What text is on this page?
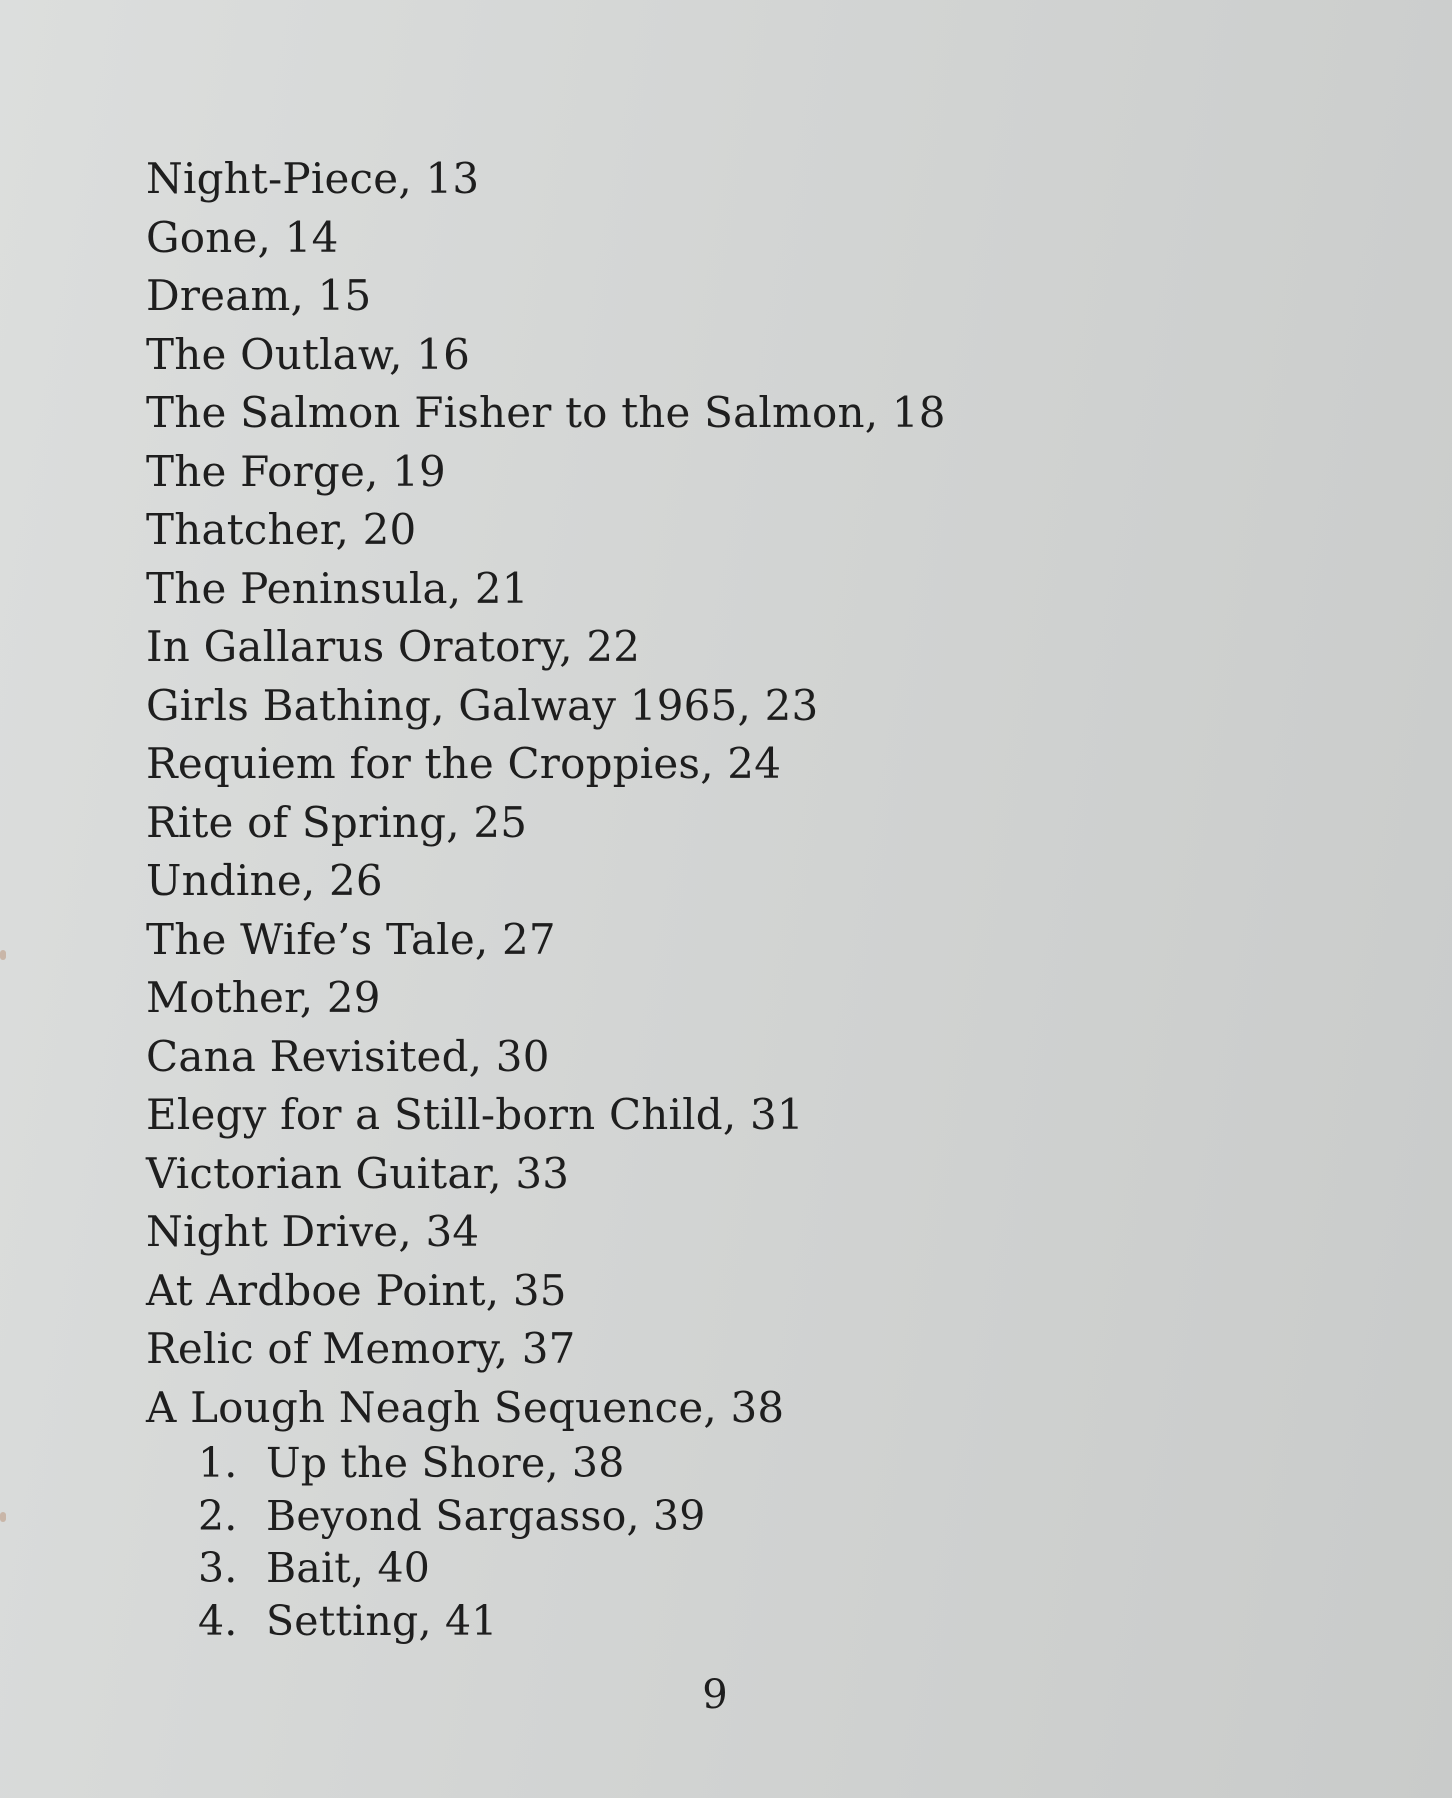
Night-Piece, 13
Gone, 14
Dream, 15
The Outlaw, 16
The Salmon Fisher to the Salmon, 18
The Forge, 19
Thatcher, 20
The Peninsula, 21
In Gallarus Oratory, 22
Girls Bathing, Galway 1965, 23
Requiem for the Croppies, 24
Rite of Spring, 25
Undine, 26
The Wife’s Tale, 27
Mother, 29
Cana Revisited, 30
Elegy for a Still-born Child, 31
Victorian Guitar, 33
Night Drive, 34
At Ardboe Point, 35
Relic of Memory, 37
A Lough Neagh Sequence, 38
1. Up the Shore, 38
2. Beyond Sargasso, 39
3. Bait, 40
4. Setting, 41
9
